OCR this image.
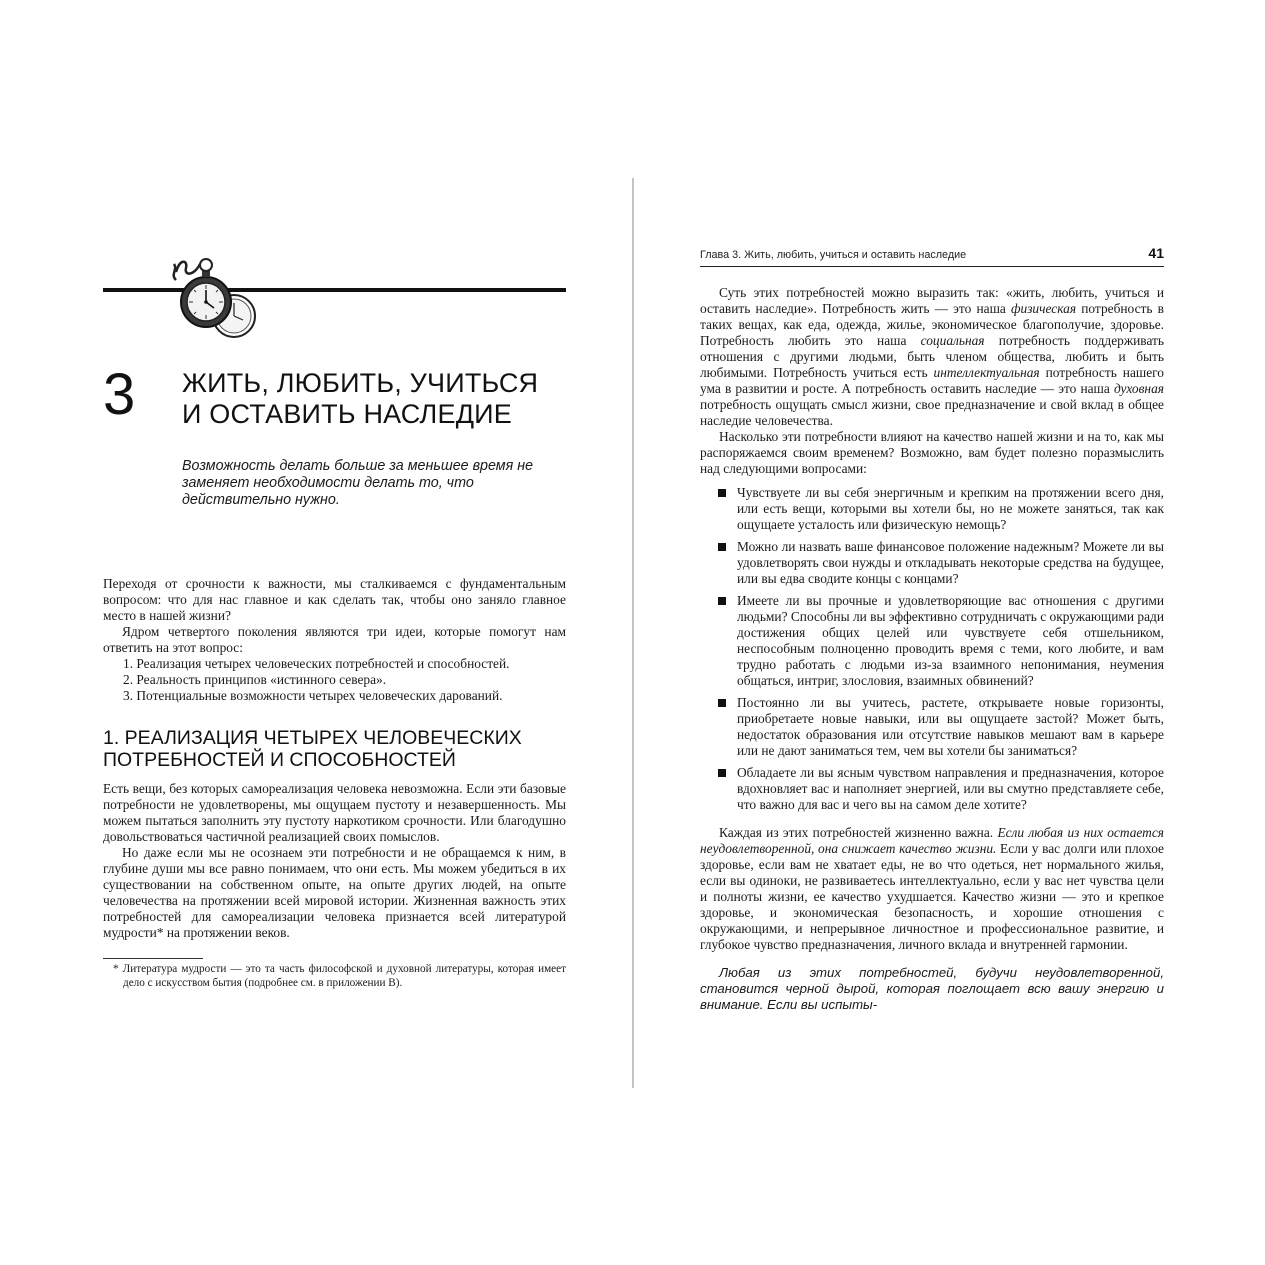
3 ЖИТЬ, ЛЮБИТЬ, УЧИТЬСЯ
И ОСТАВИТЬ НАСЛЕДИЕ
Возможность делать больше за меньшее время не заменяет необходимости делать то, что действительно нужно.

Переходя от срочности к важности, мы сталкиваемся с фундаментальным вопросом: что для нас главное и как сделать так, чтобы оно заняло главное место в нашей жизни?

Ядром четвертого поколения являются три идеи, которые помогут нам ответить на этот вопрос:

1. Реализация четырех человеческих потребностей и способностей.
2. Реальность принципов «истинного севера».
3. Потенциальные возможности четырех человеческих дарований.
1. РЕАЛИЗАЦИЯ ЧЕТЫРЕХ ЧЕЛОВЕЧЕСКИХ
ПОТРЕБНОСТЕЙ И СПОСОБНОСТЕЙ

Есть вещи, без которых самореализация человека невозможна. Если эти базовые потребности не удовлетворены, мы ощущаем пустоту и незавершенность. Мы можем пытаться заполнить эту пустоту наркотиком срочности. Или благодушно довольствоваться частичной реализацией своих помыслов.

Но даже если мы не осознаем эти потребности и не обращаемся к ним, в глубине души мы все равно понимаем, что они есть. Мы можем убедиться в их существовании на собственном опыте, на опыте других людей, на опыте человечества на протяжении всей мировой истории. Жизненная важность этих потребностей для самореализации человека признается всей литературой мудрости* на протяжении веков.

* Литература мудрости — это та часть философской и духовной литературы, которая имеет дело с искусством бытия (подробнее см. в приложении В).
Глава 3. Жить, любить, учиться и оставить наследие	41

Суть этих потребностей можно выразить так: «жить, любить, учиться и оставить наследие». Потребность жить — это наша физическая потребность в таких вещах, как еда, одежда, жилье, экономическое благополучие, здоровье. Потребность любить это наша социальная потребность поддерживать отношения с другими людьми, быть членом общества, любить и быть любимыми. Потребность учиться есть интеллектуальная потребность нашего ума в развитии и росте. А потребность оставить наследие — это наша духовная потребность ощущать смысл жизни, свое предназначение и свой вклад в общее наследие человечества.

Насколько эти потребности влияют на качество нашей жизни и на то, как мы распоряжаемся своим временем? Возможно, вам будет полезно поразмыслить над следующими вопросами:

Чувствуете ли вы себя энергичным и крепким на протяжении всего дня, или есть вещи, которыми вы хотели бы, но не можете заняться, так как ощущаете усталость или физическую немощь?
Можно ли назвать ваше финансовое положение надежным? Можете ли вы удовлетворять свои нужды и откладывать некоторые средства на будущее, или вы едва сводите концы с концами?
Имеете ли вы прочные и удовлетворяющие вас отношения с другими людьми? Способны ли вы эффективно сотрудничать с окружающими ради достижения общих целей или чувствуете себя отшельником, неспособным полноценно проводить время с теми, кого любите, и вам трудно работать с людьми из-за взаимного непонимания, неумения общаться, интриг, злословия, взаимных обвинений?
Постоянно ли вы учитесь, растете, открываете новые горизонты, приобретаете новые навыки, или вы ощущаете застой? Может быть, недостаток образования или отсутствие навыков мешают вам в карьере или не дают заниматься тем, чем вы хотели бы заниматься?
Обладаете ли вы ясным чувством направления и предназначения, которое вдохновляет вас и наполняет энергией, или вы смутно представляете себе, что важно для вас и чего вы на самом деле хотите?

Каждая из этих потребностей жизненно важна. Если любая из них остается неудовлетворенной, она снижает качество жизни. Если у вас долги или плохое здоровье, если вам не хватает еды, не во что одеться, нет нормального жилья, если вы одиноки, не развиваетесь интеллектуально, если у вас нет чувства цели и полноты жизни, ее качество ухудшается. Качество жизни — это и крепкое здоровье, и экономическая безопасность, и хорошие отношения с окружающими, и непрерывное личностное и профессиональное развитие, и глубокое чувство предназначения, личного вклада и внутренней гармонии.

Любая из этих потребностей, будучи неудовлетворенной, становится черной дырой, которая поглощает всю вашу энергию и внимание. Если вы испыты-
